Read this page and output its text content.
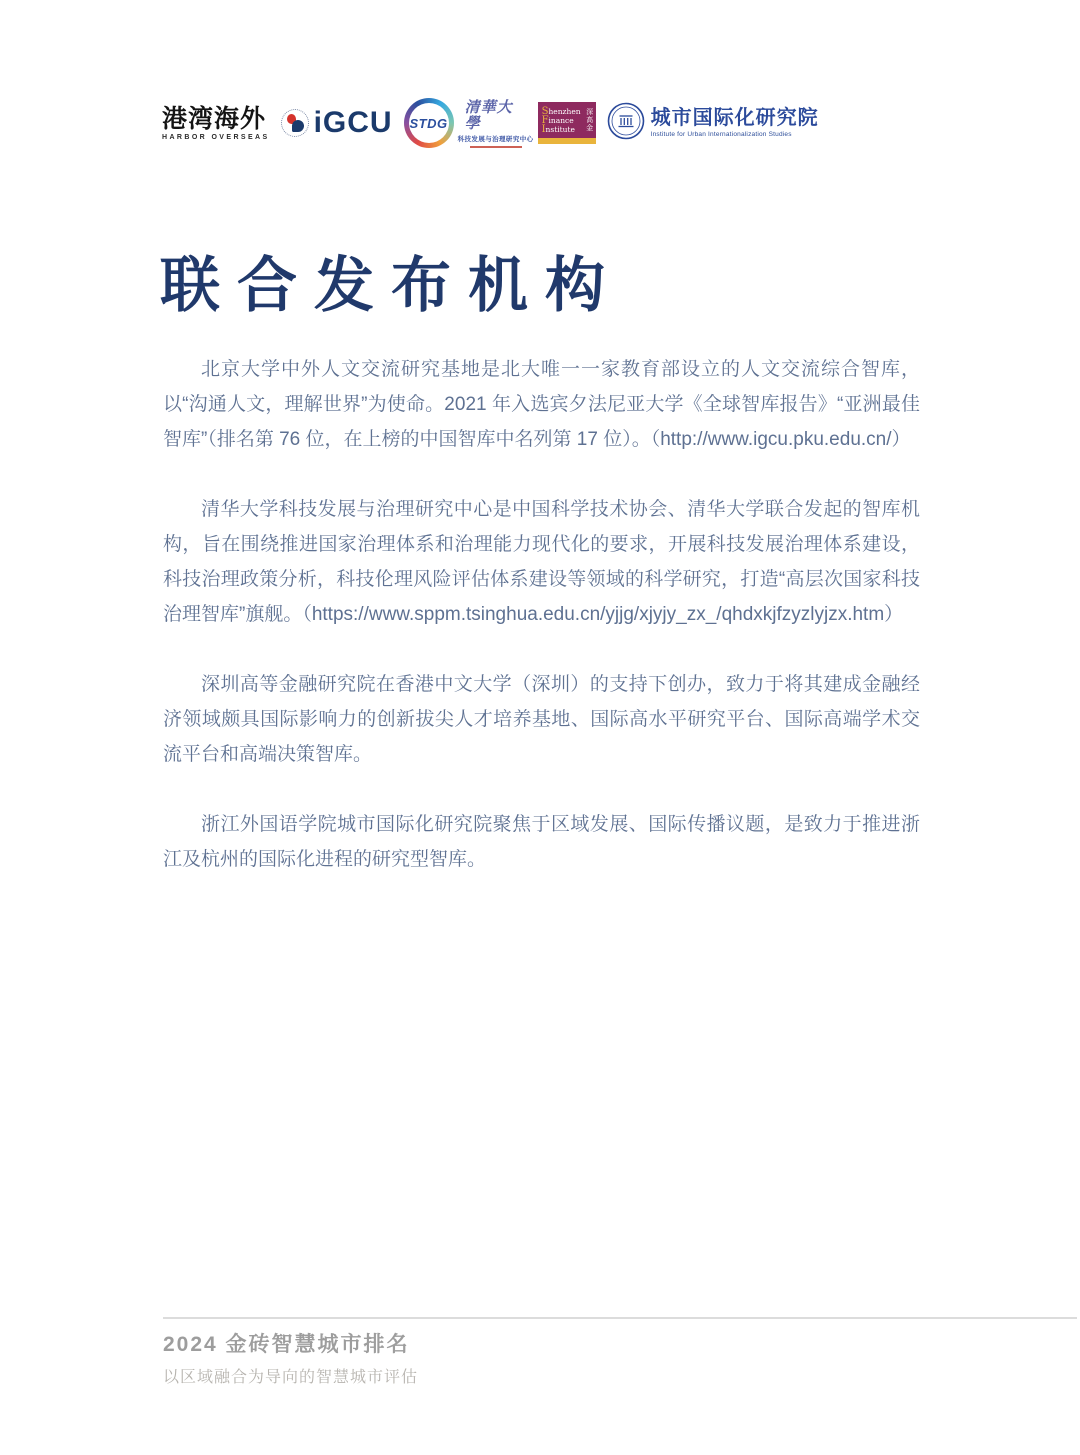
港湾海外
HARBOR OVERSEAS iGCU STDG
清華大學
科技发展与治理研究中心
Shenzhen
Finance
Institute	深高金	城市国际化研究院
Institute for Urban Internationalization Studies
联合发布机构

北京大学中外人文交流研究基地是北大唯一一家教育部设立的人文交流综合智库，以“沟通人文，理解世界”为使命。2021 年入选宾夕法尼亚大学《全球智库报告》“亚洲最佳智库”（排名第 76 位，在上榜的中国智库中名列第 17 位）。（http://www.igcu.pku.edu.cn/）

清华大学科技发展与治理研究中心是中国科学技术协会、清华大学联合发起的智库机构，旨在围绕推进国家治理体系和治理能力现代化的要求，开展科技发展治理体系建设，科技治理政策分析，科技伦理风险评估体系建设等领域的科学研究，打造“高层次国家科技治理智库”旗舰。（https://www.sppm.tsinghua.edu.cn/yjjg/xjyjy_zx_/qhdxkjfzyzlyjzx.htm）

深圳高等金融研究院在香港中文大学（深圳）的支持下创办，致力于将其建成金融经济领域颇具国际影响力的创新拔尖人才培养基地、国际高水平研究平台、国际高端学术交流平台和高端决策智库。

浙江外国语学院城市国际化研究院聚焦于区域发展、国际传播议题，是致力于推进浙江及杭州的国际化进程的研究型智库。

2024 金砖智慧城市排名
以区域融合为导向的智慧城市评估
